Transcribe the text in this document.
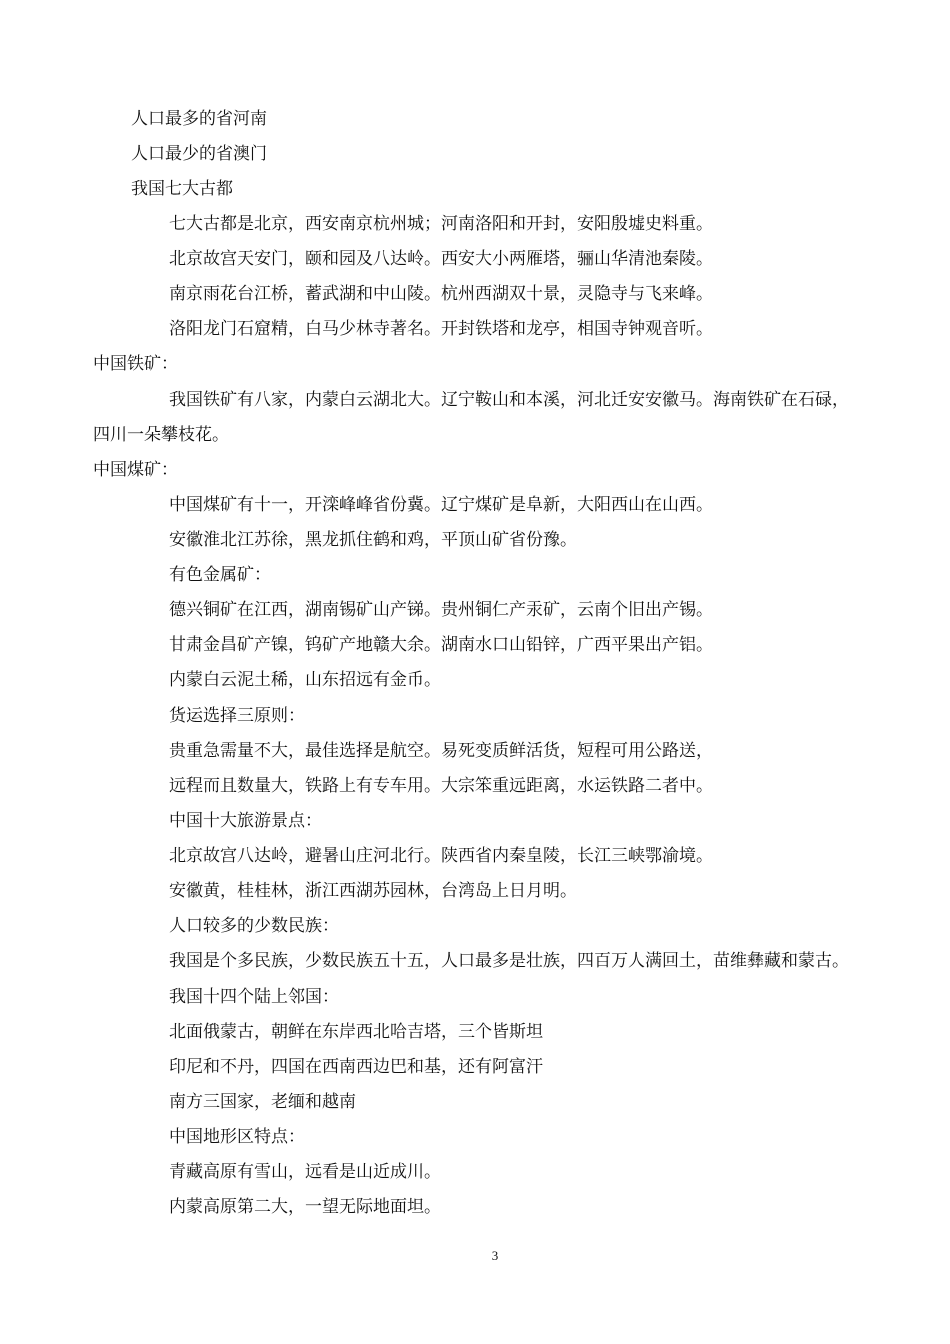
人口最多的省河南
人口最少的省澳门
我国七大古都
七大古都是北京，西安南京杭州城；河南洛阳和开封，安阳殷墟史料重。
北京故宫天安门，颐和园及八达岭。西安大小两雁塔，骊山华清池秦陵。
南京雨花台江桥，蓄武湖和中山陵。杭州西湖双十景，灵隐寺与飞来峰。
洛阳龙门石窟精，白马少林寺著名。开封铁塔和龙亭，相国寺钟观音听。
中国铁矿：
我国铁矿有八家，内蒙白云湖北大。辽宁鞍山和本溪，河北迁安安徽马。海南铁矿在石碌，
四川一朵攀枝花。
中国煤矿：
中国煤矿有十一，开滦峰峰省份冀。辽宁煤矿是阜新，大阳西山在山西。
安徽淮北江苏徐，黑龙抓住鹤和鸡，平顶山矿省份豫。
有色金属矿：
德兴铜矿在江西，湖南锡矿山产锑。贵州铜仁产汞矿，云南个旧出产锡。
甘肃金昌矿产镍，钨矿产地赣大余。湖南水口山铅锌，广西平果出产铝。
内蒙白云泥土稀，山东招远有金币。
货运选择三原则：
贵重急需量不大，最佳选择是航空。易死变质鲜活货，短程可用公路送，
远程而且数量大，铁路上有专车用。大宗笨重远距离，水运铁路二者中。
中国十大旅游景点：
北京故宫八达岭，避暑山庄河北行。陕西省内秦皇陵，长江三峡鄂渝境。
安徽黄，桂桂林，浙江西湖苏园林，台湾岛上日月明。
人口较多的少数民族：
我国是个多民族，少数民族五十五，人口最多是壮族，四百万人满回土，苗维彝藏和蒙古。
我国十四个陆上邻国：
北面俄蒙古，朝鲜在东岸西北哈吉塔，三个皆斯坦
印尼和不丹，四国在西南西边巴和基，还有阿富汗
南方三国家，老缅和越南
中国地形区特点：
青藏高原有雪山，远看是山近成川。
内蒙高原第二大，一望无际地面坦。
3
